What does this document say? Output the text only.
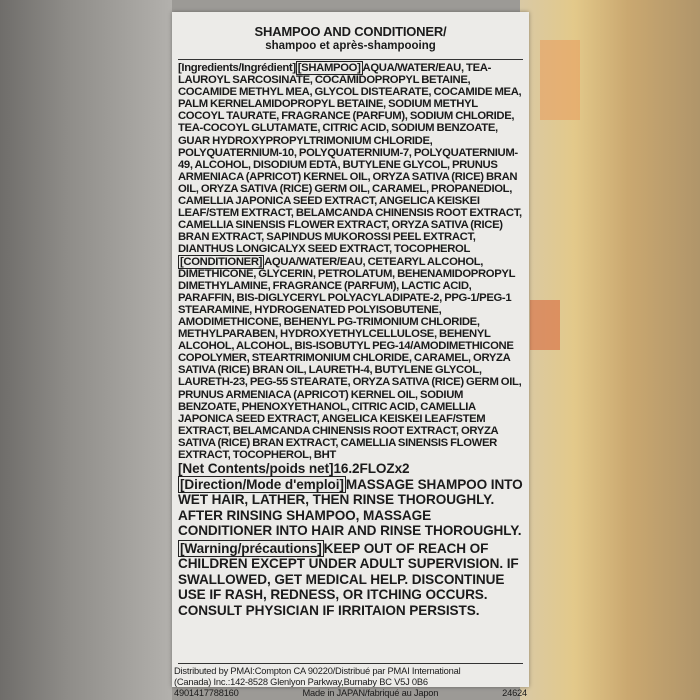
SHAMPOO AND CONDITIONER/
shampoo et après-shampooing

[Ingredients/Ingrédient] [SHAMPOO] AQUA/WATER/EAU, TEA-LAUROYL SARCOSINATE, COCAMIDOPROPYL BETAINE, COCAMIDE METHYL MEA, GLYCOL DISTEARATE, COCAMIDE MEA, PALM KERNELAMIDOPROPYL BETAINE, SODIUM METHYL COCOYL TAURATE, FRAGRANCE (PARFUM), SODIUM CHLORIDE, TEA-COCOYL GLUTAMATE, CITRIC ACID, SODIUM BENZOATE, GUAR HYDROXYPROPYLTRIMONIUM CHLORIDE, POLYQUATERNIUM-10, POLYQUATERNIUM-7, POLYQUATERNIUM-49, ALCOHOL, DISODIUM EDTA, BUTYLENE GLYCOL, PRUNUS ARMENIACA (APRICOT) KERNEL OIL, ORYZA SATIVA (RICE) BRAN OIL, ORYZA SATIVA (RICE) GERM OIL, CARAMEL, PROPANEDIOL, CAMELLIA JAPONICA SEED EXTRACT, ANGELICA KEISKEI LEAF/STEM EXTRACT, BELAMCANDA CHINENSIS ROOT EXTRACT, CAMELLIA SINENSIS FLOWER EXTRACT, ORYZA SATIVA (RICE) BRAN EXTRACT, SAPINDUS MUKOROSSI PEEL EXTRACT, DIANTHUS LONGICALYX SEED EXTRACT, TOCOPHEROL

[CONDITIONER] AQUA/WATER/EAU, CETEARYL ALCOHOL, DIMETHICONE, GLYCERIN, PETROLATUM, BEHENAMIDOPROPYL DIMETHYLAMINE, FRAGRANCE (PARFUM), LACTIC ACID, PARAFFIN, BIS-DIGLYCERYL POLYACYLADIPATE-2, PPG-1/PEG-1 STEARAMINE, HYDROGENATED POLYISOBUTENE, AMODIMETHICONE, BEHENYL PG-TRIMONIUM CHLORIDE, METHYLPARABEN, HYDROXYETHYLCELLULOSE, BEHENYL ALCOHOL, ALCOHOL, BIS-ISOBUTYL PEG-14/AMODIMETHICONE COPOLYMER, STEARTRIMONIUM CHLORIDE, CARAMEL, ORYZA SATIVA (RICE) BRAN OIL, LAURETH-4, BUTYLENE GLYCOL, LAURETH-23, PEG-55 STEARATE, ORYZA SATIVA (RICE) GERM OIL, PRUNUS ARMENIACA (APRICOT) KERNEL OIL, SODIUM BENZOATE, PHENOXYETHANOL, CITRIC ACID, CAMELLIA JAPONICA SEED EXTRACT, ANGELICA KEISKEI LEAF/STEM EXTRACT, BELAMCANDA CHINENSIS ROOT EXTRACT, ORYZA SATIVA (RICE) BRAN EXTRACT, CAMELLIA SINENSIS FLOWER EXTRACT, TOCOPHEROL, BHT

[Net Contents/poids net]16.2FLOZx2

[Direction/Mode d'emploi] MASSAGE SHAMPOO INTO WET HAIR, LATHER, THEN RINSE THOROUGHLY. AFTER RINSING SHAMPOO, MASSAGE CONDITIONER INTO HAIR AND RINSE THOROUGHLY.

[Warning/précautions] KEEP OUT OF REACH OF CHILDREN EXCEPT UNDER ADULT SUPERVISION. IF SWALLOWED, GET MEDICAL HELP. DISCONTINUE USE IF RASH, REDNESS, OR ITCHING OCCURS. CONSULT PHYSICIAN IF IRRITAION PERSISTS.

Distributed by PMAI:Compton CA 90220/Distribué par PMAI International
(Canada) Inc.:142-8528 Glenlyon Parkway,Burnaby BC V5J 0B6
4901417788160	Made in JAPAN/fabriqué au Japon	24624
